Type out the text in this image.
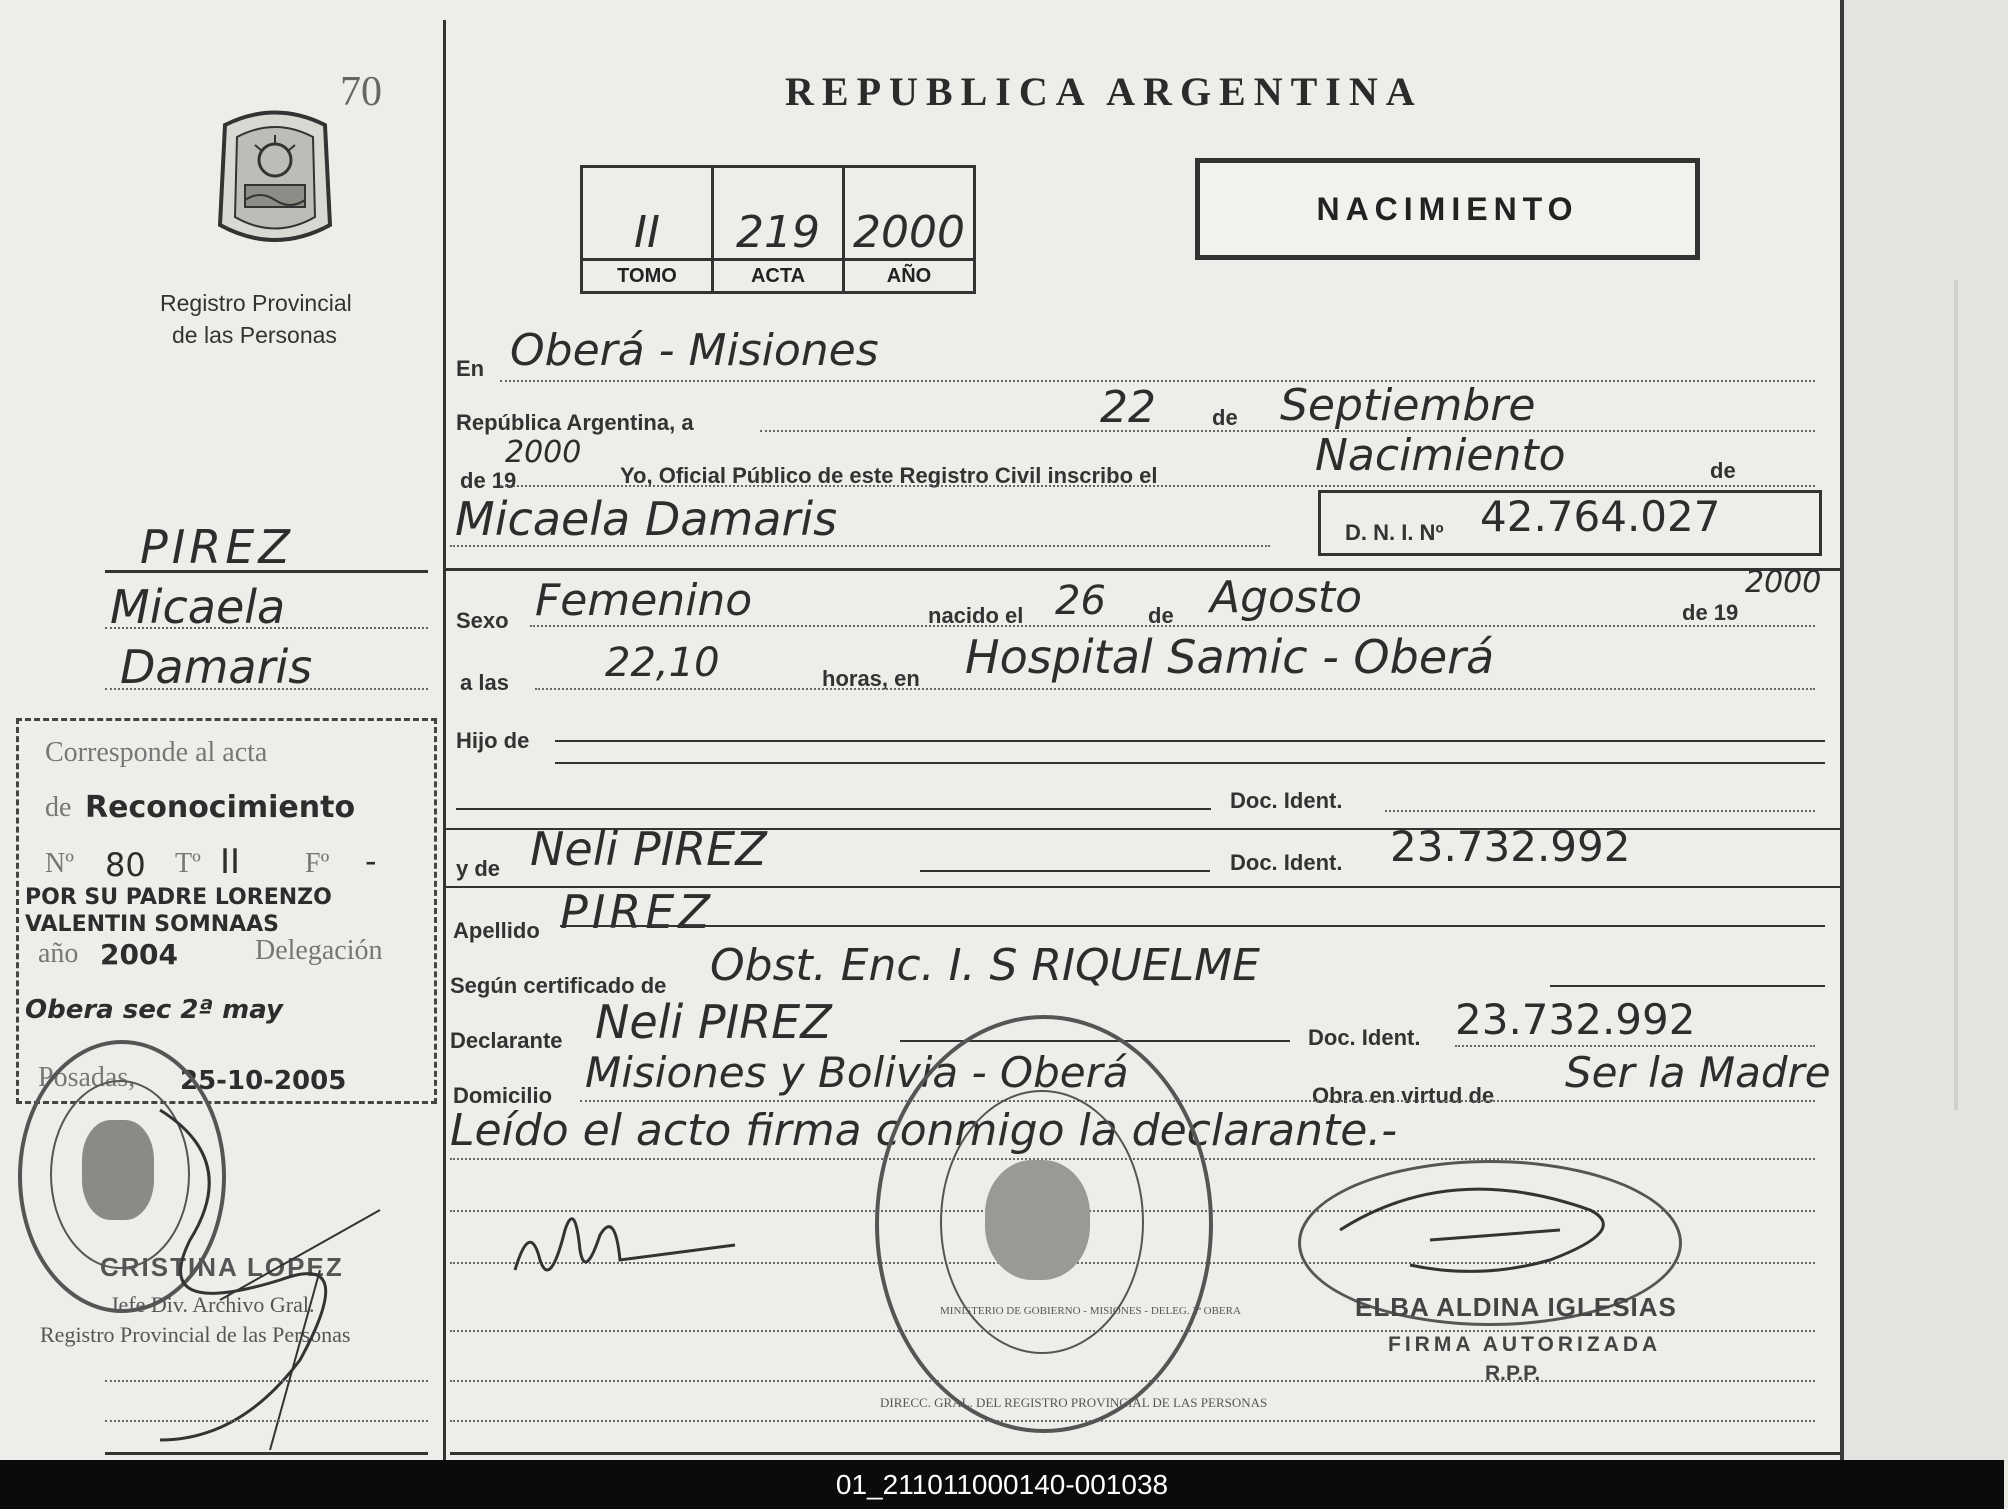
70
Registro Provincial
de las Personas
PIREZ
Micaela
Damaris
Corresponde al acta
de Reconocimiento
Nº 80 Tº II Fº -
POR SU PADRE LORENZO
VALENTIN SOMNAAS
año 2004	Delegación
Obera sec 2ª may
Posadas, 25-10-2005
CRISTINA LOPEZ
Jefe Div. Archivo Gral.
Registro Provincial de las Personas
REPUBLICA ARGENTINA
II	219	2000
TOMO	ACTA	AÑO
NACIMIENTO
En Oberá - Misiones
República Argentina, a	22	de Septiembre
2000
de 19	Yo, Oficial Público de este Registro Civil inscribo el	Nacimiento	de
Micaela Damaris	D. N. I. Nº 42.764.027
Sexo Femenino	nacido el 26 de Agosto	de 19
2000
a las 22,10	horas, en Hospital Samic - Oberá
Hijo de
Doc. Ident.
y de Neli PIREZ	Doc. Ident. 23.732.992
Apellido PIREZ
Según certificado de Obst. Enc. I. S RIQUELME
Declarante Neli PIREZ	Doc. Ident. 23.732.992
Domicilio Misiones y Bolivia - Oberá	Obra en virtud de Ser la Madre
Leído el acto firma conmigo la declarante.-
DIRECC. GRAL. DEL REGISTRO PROVINCIAL DE LAS PERSONAS
MINISTERIO DE GOBIERNO - MISIONES - DELEG. 2ª OBERA	ELBA ALDINA IGLESIAS
FIRMA AUTORIZADA
R.P.P.
01_211011000140-001038
